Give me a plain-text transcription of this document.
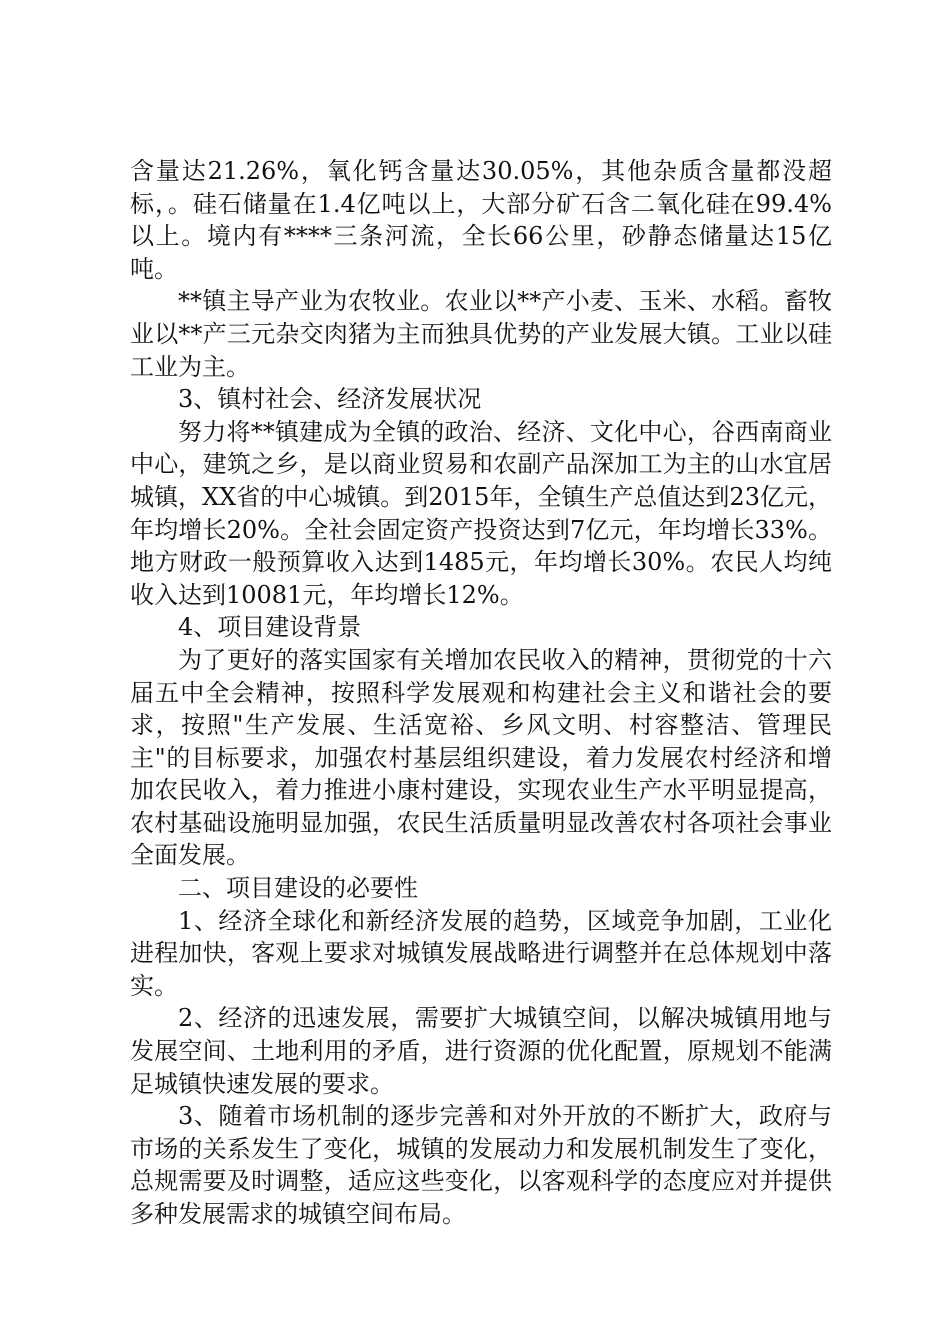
含量达21.26%，氧化钙含量达30.05%，其他杂质含量都没超标，。硅石储量在1.4亿吨以上，大部分矿石含二氧化硅在99.4%以上。境内有****三条河流，全长66公里，砂静态储量达15亿吨。

**镇主导产业为农牧业。农业以**产小麦、玉米、水稻。畜牧业以**产三元杂交肉猪为主而独具优势的产业发展大镇。工业以硅工业为主。

3、镇村社会、经济发展状况

努力将**镇建成为全镇的政治、经济、文化中心，谷西南商业中心，建筑之乡，是以商业贸易和农副产品深加工为主的山水宜居城镇，XX省的中心城镇。到2015年，全镇生产总值达到23亿元，年均增长20%。全社会固定资产投资达到7亿元，年均增长33%。地方财政一般预算收入达到1485元，年均增长30%。农民人均纯收入达到10081元，年均增长12%。

4、项目建设背景

为了更好的落实国家有关增加农民收入的精神，贯彻党的十六届五中全会精神，按照科学发展观和构建社会主义和谐社会的要求，按照"生产发展、生活宽裕、乡风文明、村容整洁、管理民主"的目标要求，加强农村基层组织建设，着力发展农村经济和增加农民收入，着力推进小康村建设，实现农业生产水平明显提高，农村基础设施明显加强，农民生活质量明显改善农村各项社会事业全面发展。

二、项目建设的必要性

1、经济全球化和新经济发展的趋势，区域竞争加剧，工业化进程加快，客观上要求对城镇发展战略进行调整并在总体规划中落实。

2、经济的迅速发展，需要扩大城镇空间，以解决城镇用地与发展空间、土地利用的矛盾，进行资源的优化配置，原规划不能满足城镇快速发展的要求。

3、随着市场机制的逐步完善和对外开放的不断扩大，政府与市场的关系发生了变化，城镇的发展动力和发展机制发生了变化，总规需要及时调整，适应这些变化，以客观科学的态度应对并提供多种发展需求的城镇空间布局。
